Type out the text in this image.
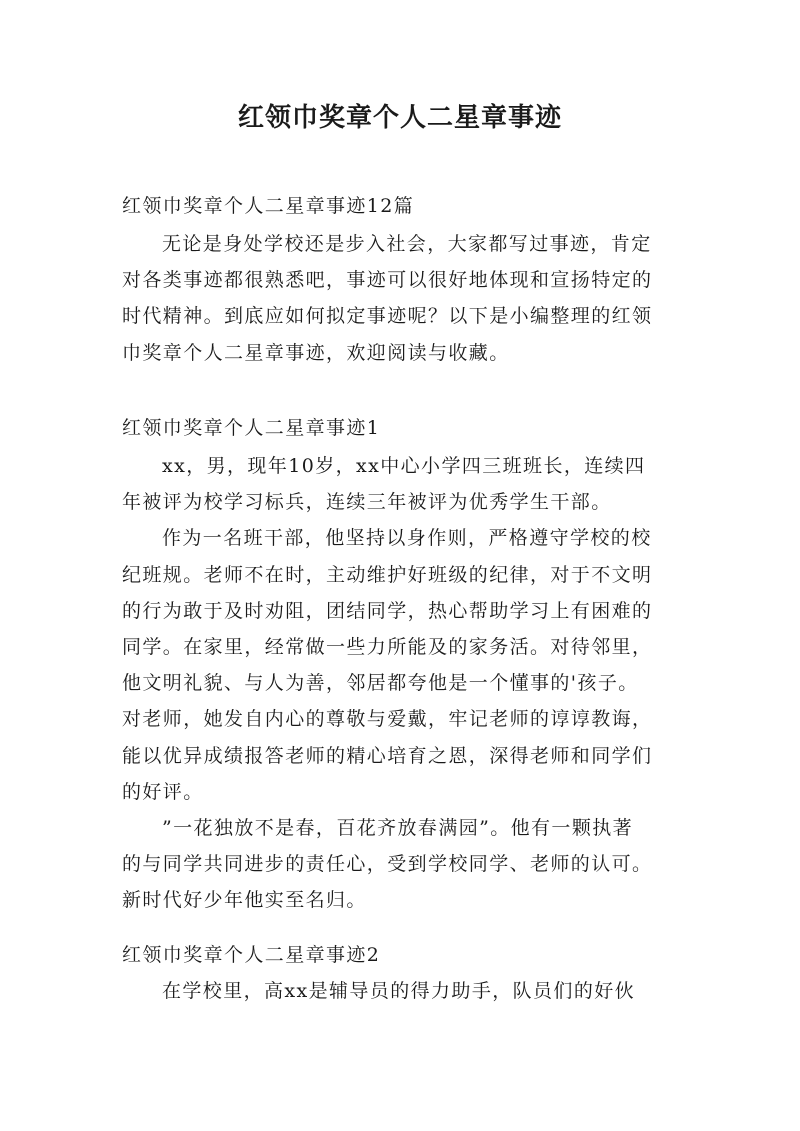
红领巾奖章个人二星章事迹
红领巾奖章个人二星章事迹12篇
无论是身处学校还是步入社会，大家都写过事迹，肯定
对各类事迹都很熟悉吧，事迹可以很好地体现和宣扬特定的
时代精神。到底应如何拟定事迹呢？以下是小编整理的红领
巾奖章个人二星章事迹，欢迎阅读与收藏。
红领巾奖章个人二星章事迹1
xx，男，现年10岁，xx中心小学四三班班长，连续四
年被评为校学习标兵，连续三年被评为优秀学生干部。
作为一名班干部，他坚持以身作则，严格遵守学校的校
纪班规。老师不在时，主动维护好班级的纪律，对于不文明
的行为敢于及时劝阻，团结同学，热心帮助学习上有困难的
同学。在家里，经常做一些力所能及的家务活。对待邻里，
他文明礼貌、与人为善，邻居都夸他是一个懂事的'孩子。
对老师，她发自内心的尊敬与爱戴，牢记老师的谆谆教诲，
能以优异成绩报答老师的精心培育之恩，深得老师和同学们
的好评。
”一花独放不是春，百花齐放春满园”。他有一颗执著
的与同学共同进步的责任心，受到学校同学、老师的认可。
新时代好少年他实至名归。
红领巾奖章个人二星章事迹2
在学校里，高xx是辅导员的得力助手，队员们的好伙
